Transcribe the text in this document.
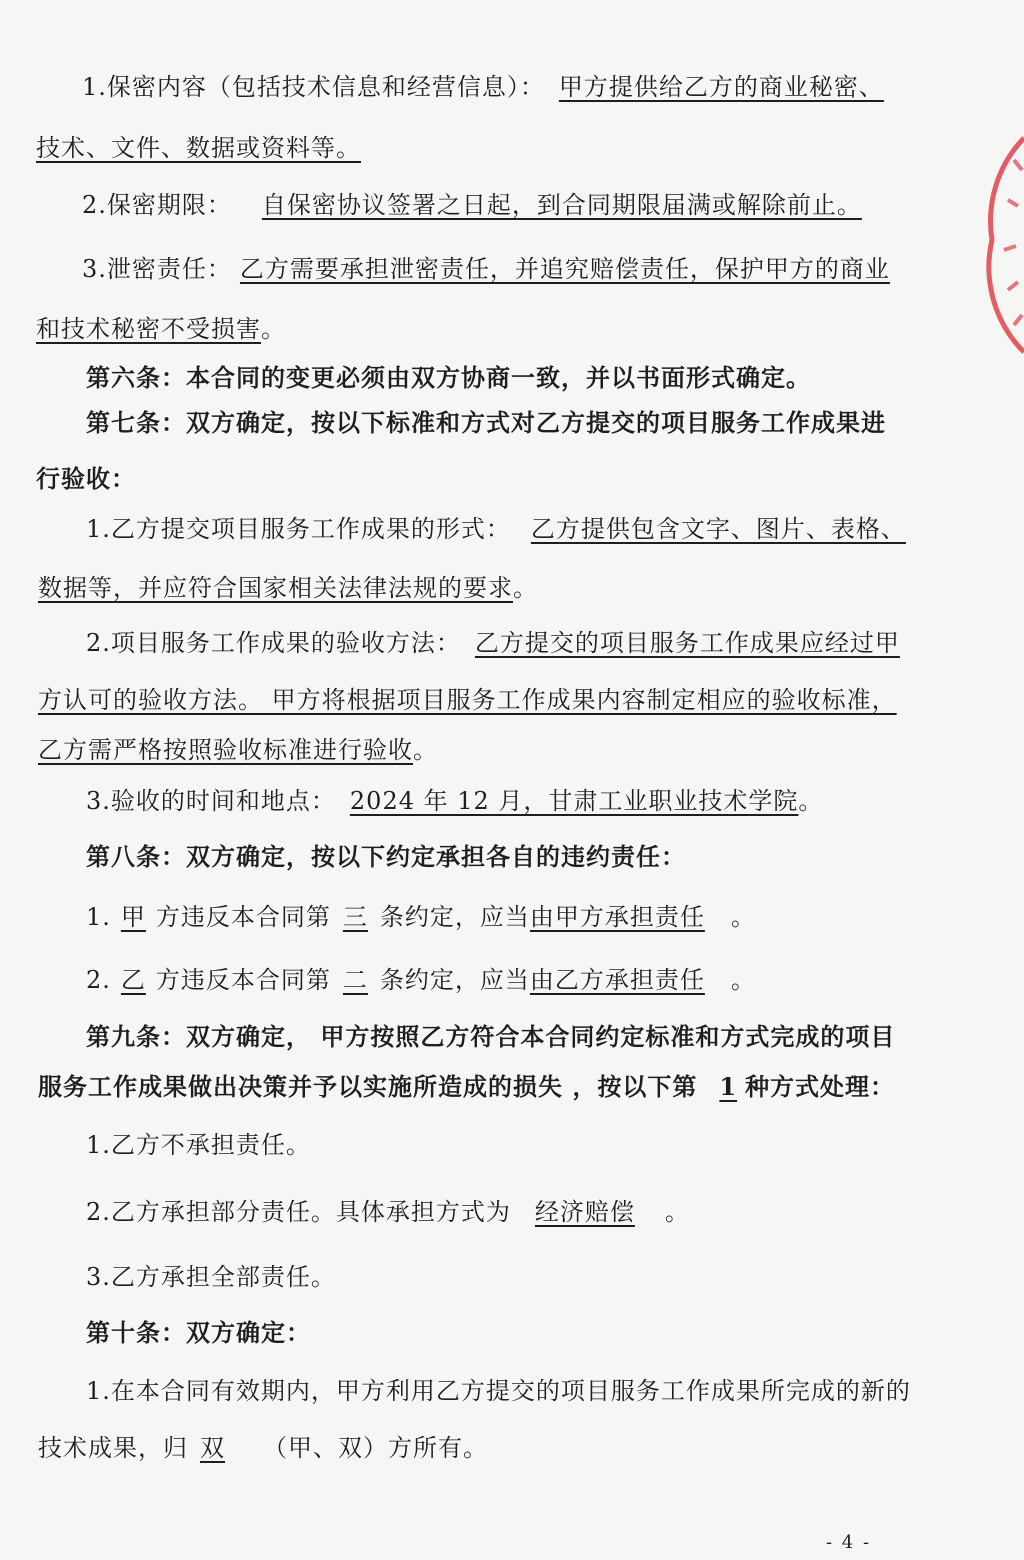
1.保密内容（包括技术信息和经营信息）： 甲方提供给乙方的商业秘密、
技术、文件、数据或资料等。
2.保密期限： 自保密协议签署之日起，到合同期限届满或解除前止。
3.泄密责任： 乙方需要承担泄密责任，并追究赔偿责任，保护甲方的商业
和技术秘密不受损害。
第六条：本合同的变更必须由双方协商一致，并以书面形式确定。
第七条：双方确定，按以下标准和方式对乙方提交的项目服务工作成果进
行验收：
1.乙方提交项目服务工作成果的形式： 乙方提供包含文字、图片、表格、
数据等，并应符合国家相关法律法规的要求。
2.项目服务工作成果的验收方法： 乙方提交的项目服务工作成果应经过甲
方认可的验收方法。 甲方将根据项目服务工作成果内容制定相应的验收标准，
乙方需严格按照验收标准进行验收。
3.验收的时间和地点： 2024 年 12 月，甘肃工业职业技术学院。
第八条：双方确定，按以下约定承担各自的违约责任：
1. 甲 方违反本合同第 三 条约定，应当由甲方承担责任 。
2. 乙 方违反本合同第 二 条约定，应当由乙方承担责任 。
第九条：双方确定， 甲方按照乙方符合本合同约定标准和方式完成的项目
服务工作成果做出决策并予以实施所造成的损失 ，按以下第 1 种方式处理：
1.乙方不承担责任。
2.乙方承担部分责任。具体承担方式为 经济赔偿 。
3.乙方承担全部责任。
第十条：双方确定：
1.在本合同有效期内，甲方利用乙方提交的项目服务工作成果所完成的新的
技术成果，归 双 （甲、双）方所有。
- 4 -
